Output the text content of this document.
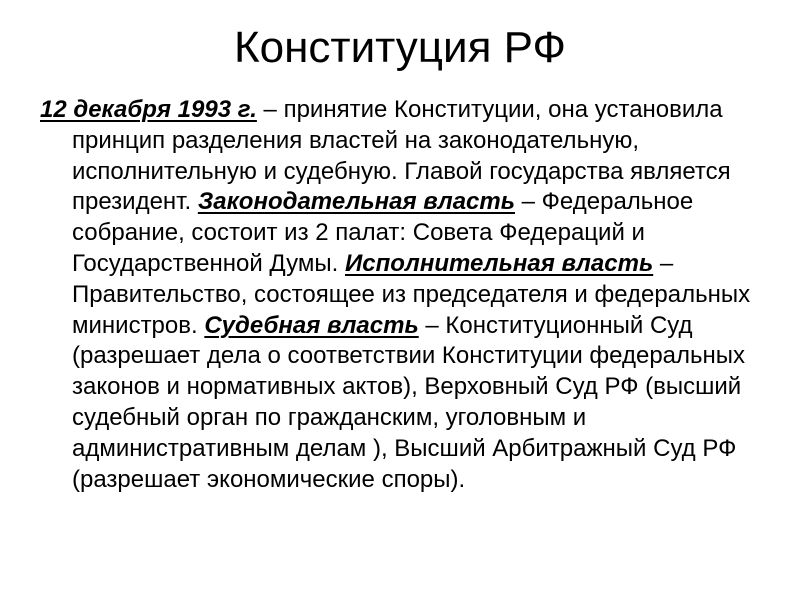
Конституция РФ

12 декабря 1993 г. – принятие Конституции, она установила принцип разделения властей на законодательную, исполнительную и судебную. Главой государства является президент. Законодательная власть – Федеральное собрание, состоит из 2 палат: Совета Федераций и Государственной Думы. Исполнительная власть – Правительство, состоящее из председателя и федеральных министров. Судебная власть – Конституционный Суд (разрешает дела о соответствии Конституции федеральных законов и нормативных актов), Верховный Суд РФ (высший судебный орган по гражданским, уголовным и административным делам ), Высший Арбитражный Суд РФ (разрешает экономические споры).
